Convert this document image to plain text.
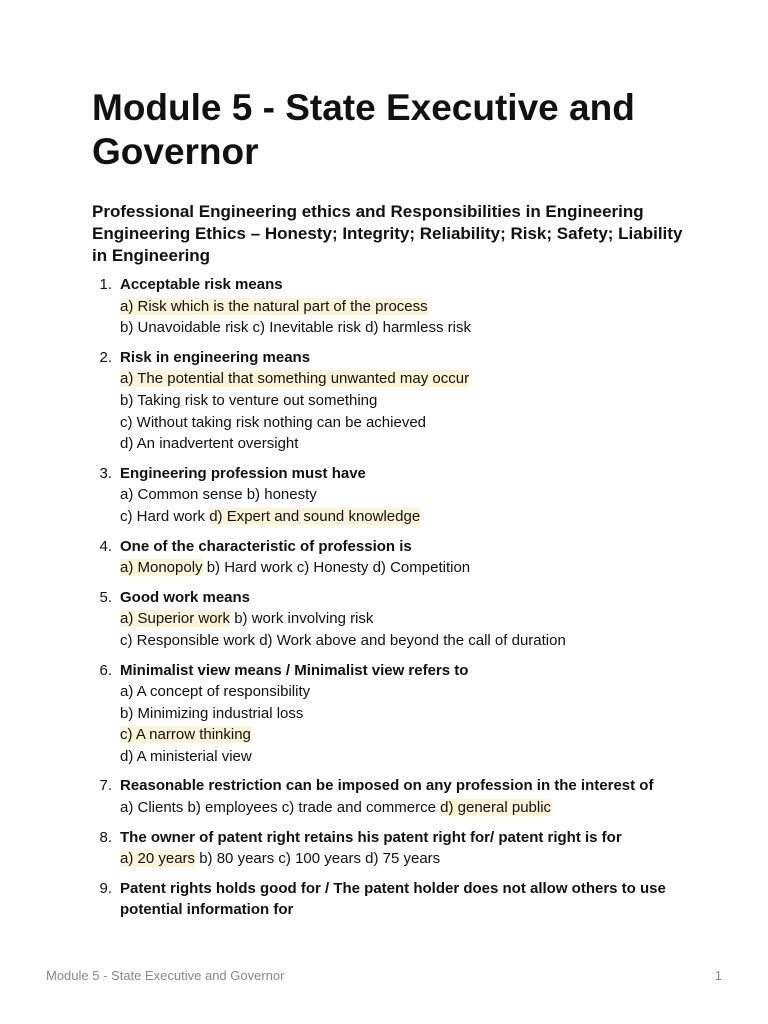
Module 5 - State Executive and Governor
Professional Engineering ethics and Responsibilities in Engineering Engineering Ethics – Honesty; Integrity; Reliability; Risk; Safety; Liability in Engineering
1. Acceptable risk means
a) Risk which is the natural part of the process
b) Unavoidable risk c) Inevitable risk d) harmless risk
2. Risk in engineering means
a) The potential that something unwanted may occur
b) Taking risk to venture out something
c) Without taking risk nothing can be achieved
d) An inadvertent oversight
3. Engineering profession must have
a) Common sense b) honesty
c) Hard work d) Expert and sound knowledge
4. One of the characteristic of profession is
a) Monopoly b) Hard work c) Honesty d) Competition
5. Good work means
a) Superior work b) work involving risk
c) Responsible work d) Work above and beyond the call of duration
6. Minimalist view means / Minimalist view refers to
a) A concept of responsibility
b) Minimizing industrial loss
c) A narrow thinking
d) A ministerial view
7. Reasonable restriction can be imposed on any profession in the interest of
a) Clients b) employees c) trade and commerce d) general public
8. The owner of patent right retains his patent right for/ patent right is for
a) 20 years b) 80 years c) 100 years d) 75 years
9. Patent rights holds good for / The patent holder does not allow others to use potential information for
Module 5 - State Executive and Governor	1
